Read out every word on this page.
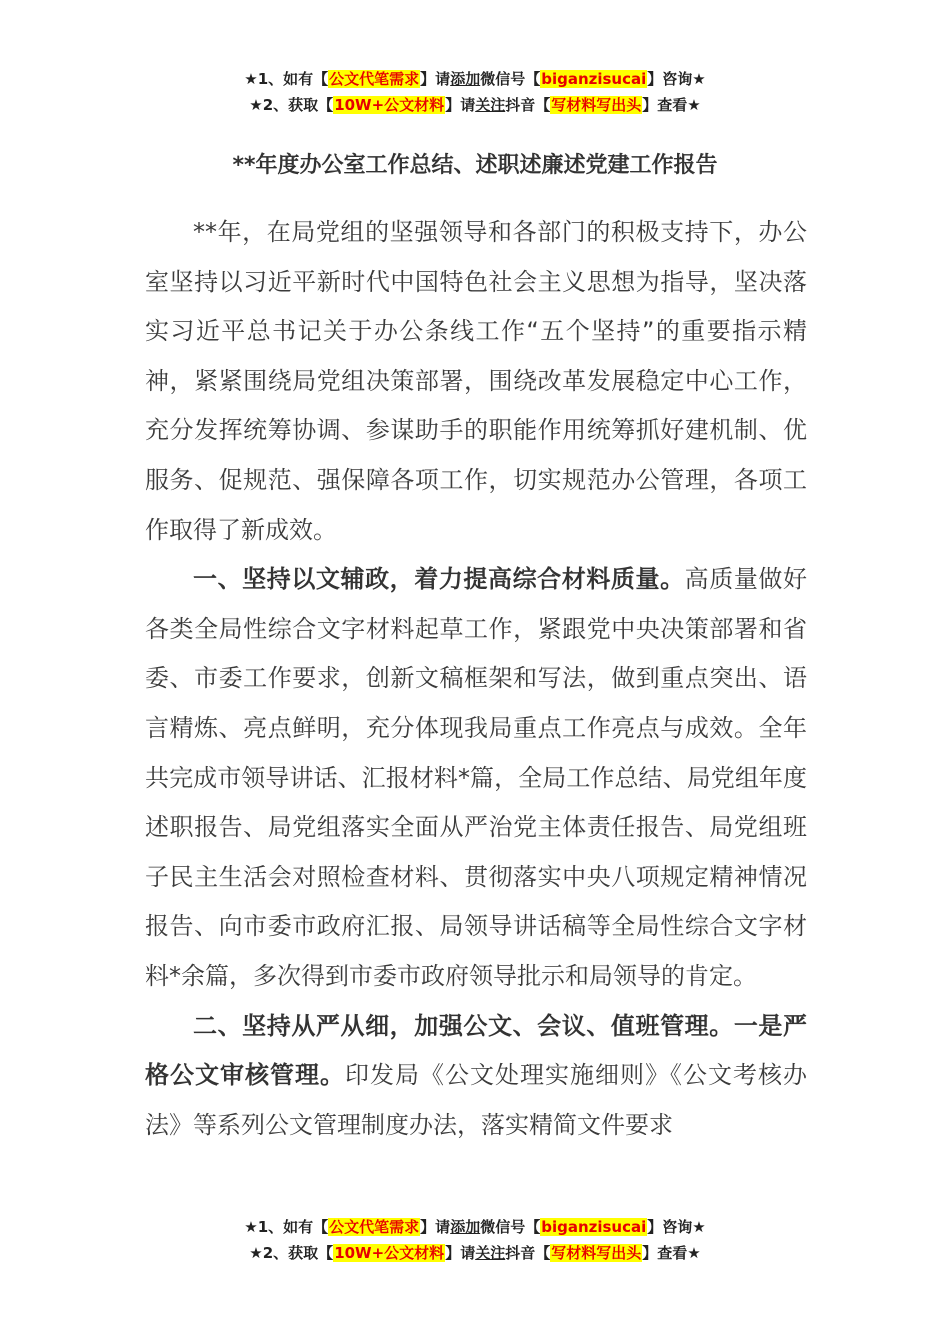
★1、如有【公文代笔需求】请添加微信号【biganzisucai】咨询★
★2、获取【10W+公文材料】请关注抖音【写材料写出头】查看★
**年度办公室工作总结、述职述廉述党建工作报告

**年，在局党组的坚强领导和各部门的积极支持下，办公室坚持以习近平新时代中国特色社会主义思想为指导，坚决落实习近平总书记关于办公条线工作“五个坚持”的重要指示精神，紧紧围绕局党组决策部署，围绕改革发展稳定中心工作，充分发挥统筹协调、参谋助手的职能作用统筹抓好建机制、优服务、促规范、强保障各项工作，切实规范办公管理，各项工作取得了新成效。

一、坚持以文辅政，着力提高综合材料质量。高质量做好各类全局性综合文字材料起草工作，紧跟党中央决策部署和省委、市委工作要求，创新文稿框架和写法，做到重点突出、语言精炼、亮点鲜明，充分体现我局重点工作亮点与成效。全年共完成市领导讲话、汇报材料*篇，全局工作总结、局党组年度述职报告、局党组落实全面从严治党主体责任报告、局党组班子民主生活会对照检查材料、贯彻落实中央八项规定精神情况报告、向市委市政府汇报、局领导讲话稿等全局性综合文字材料*余篇，多次得到市委市政府领导批示和局领导的肯定。

二、坚持从严从细，加强公文、会议、值班管理。一是严格公文审核管理。印发局《公文处理实施细则》《公文考核办法》等系列公文管理制度办法，落实精简文件要求

★1、如有【公文代笔需求】请添加微信号【biganzisucai】咨询★
★2、获取【10W+公文材料】请关注抖音【写材料写出头】查看★
